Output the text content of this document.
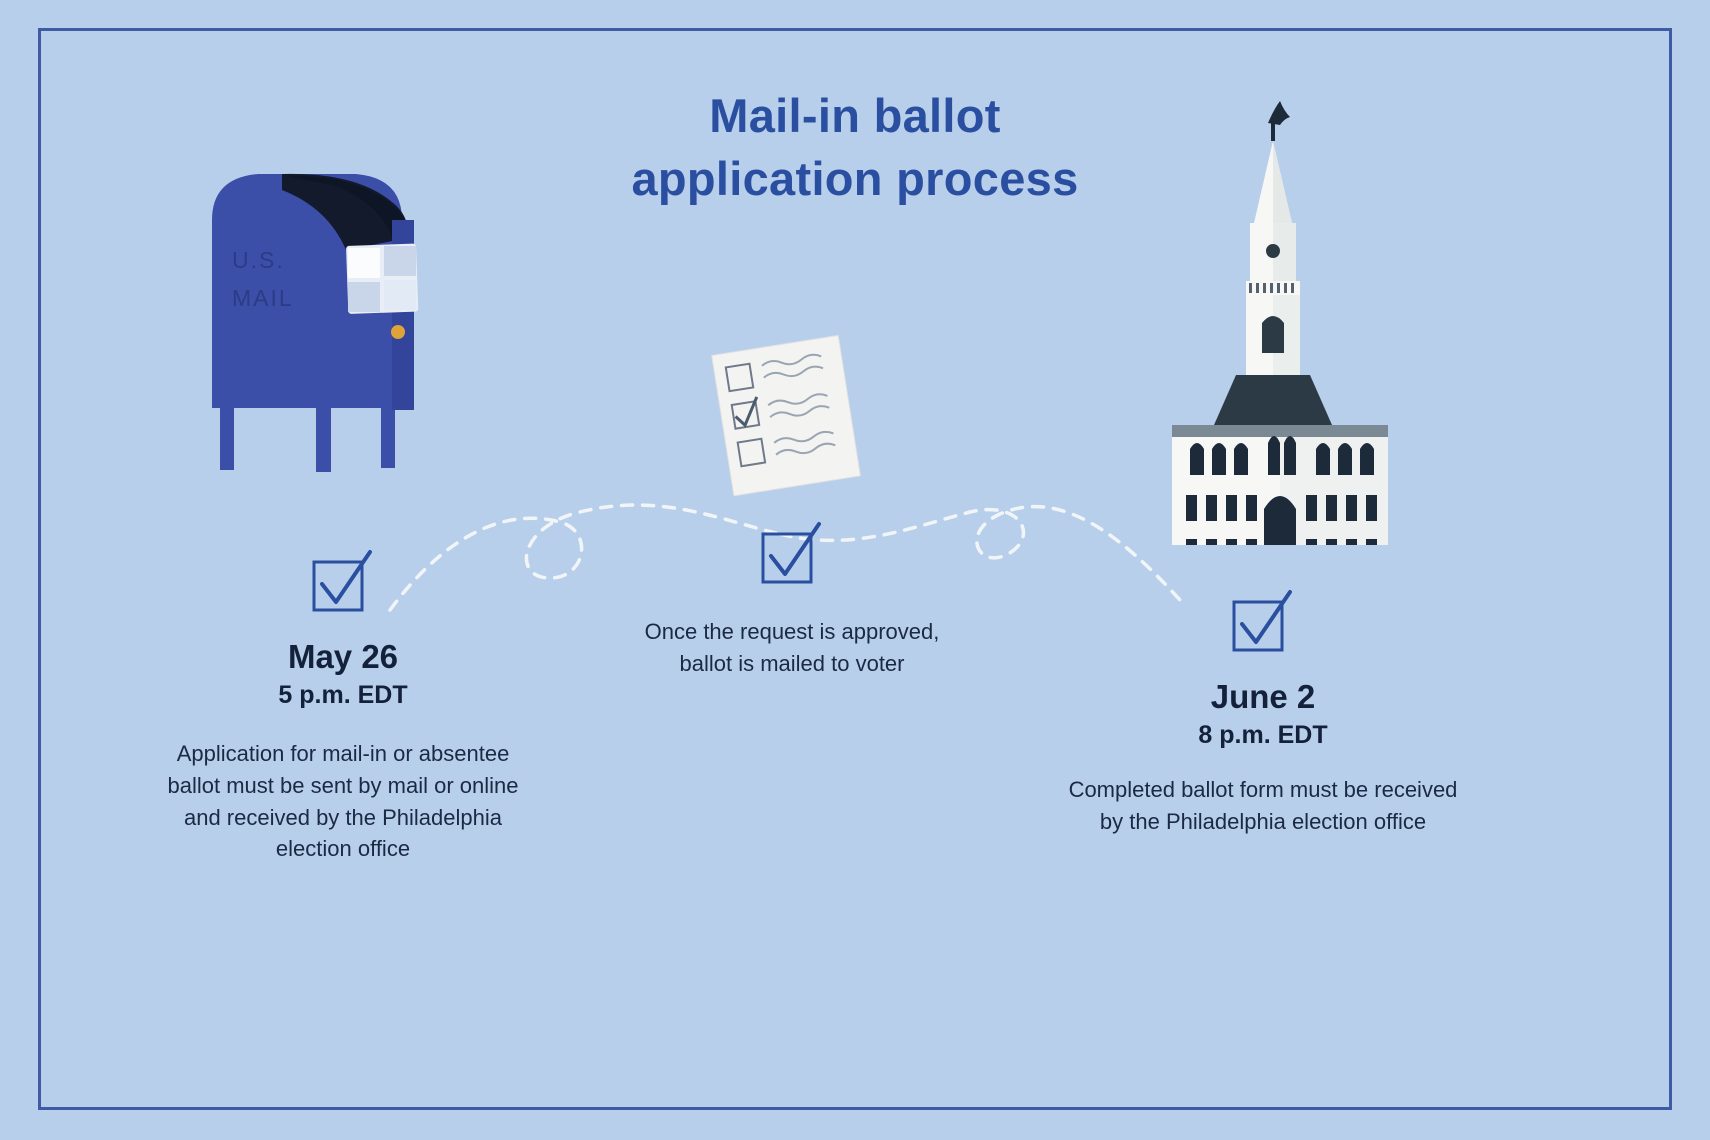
Mail-in ballot
application process
U.S.
MAIL
May 26
5 p.m. EDT
Application for mail-in or absentee ballot must be sent by mail or online and received by the Philadelphia election office
Once the request is approved, ballot is mailed to voter
June 2
8 p.m. EDT
Completed ballot form must be received by the Philadelphia election office
